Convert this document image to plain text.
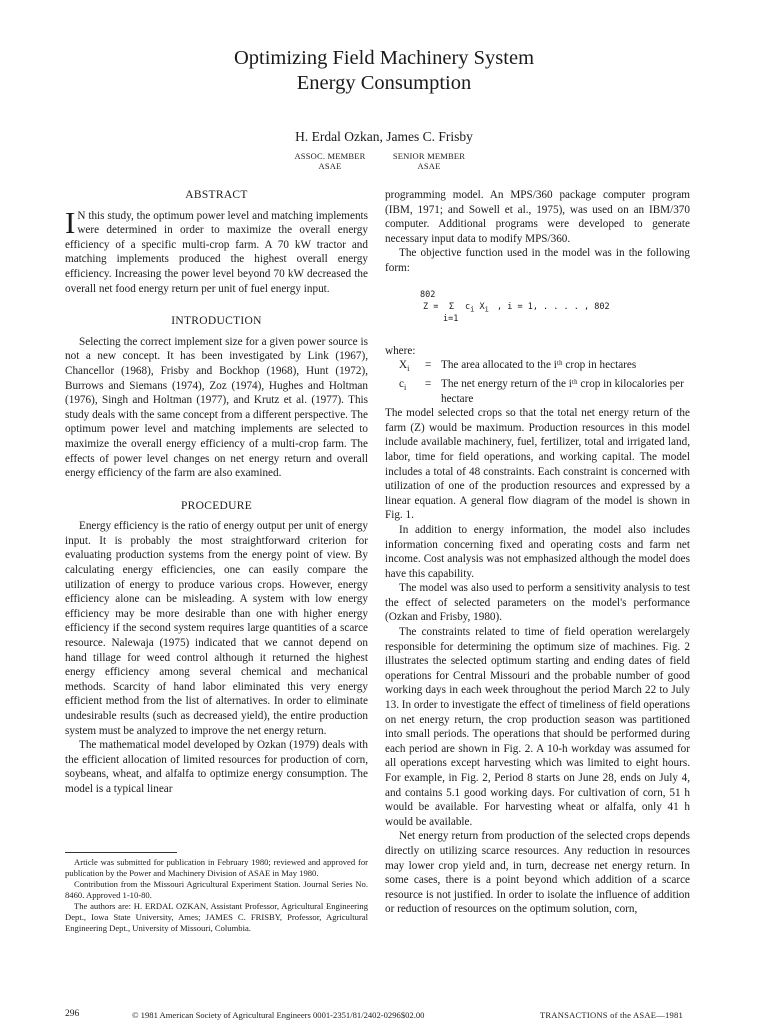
Optimizing Field Machinery System
Energy Consumption
H. Erdal Ozkan, James C. Frisby
ASSOC. MEMBER
ASAE
SENIOR MEMBER
ASAE
ABSTRACT
I N this study, the optimum power level and matching implements were determined in order to maximize the overall energy efficiency of a specific multi-crop farm. A 70 kW tractor and matching implements produced the highest overall energy efficiency. Increasing the power level beyond 70 kW decreased the overall net food energy return per unit of fuel energy input.
INTRODUCTION
Selecting the correct implement size for a given power source is not a new concept. It has been investigated by Link (1967), Chancellor (1968), Frisby and Bockhop (1968), Hunt (1972), Burrows and Siemans (1974), Zoz (1974), Hughes and Holtman (1976), Singh and Holtman (1977), and Krutz et al. (1977). This study deals with the same concept from a different perspective. The optimum power level and matching implements are selected to maximize the overall energy efficiency of a multi-crop farm. The effects of power level changes on net energy return and overall energy efficiency of the farm are also examined.
PROCEDURE
Energy efficiency is the ratio of energy output per unit of energy input. It is probably the most straightforward criterion for evaluating production systems from the energy point of view. By calculating energy efficiencies, one can easily compare the utilization of energy to produce various crops. However, energy efficiency alone can be misleading. A system with low energy efficiency may be more desirable than one with higher energy efficiency if the second system requires large quantities of a scarce resource. Nalewaja (1975) indicated that we cannot depend on hand tillage for weed control although it returned the highest energy efficiency among several chemical and mechanical methods. Scarcity of hand labor eliminated this very energy efficient method from the list of alternatives. In order to eliminate undesirable results (such as decreased yield), the entire production system must be analyzed to improve the net energy return.
The mathematical model developed by Ozkan (1979) deals with the efficient allocation of limited resources for production of corn, soybeans, wheat, and alfalfa to optimize energy consumption. The model is a typical linear
programming model. An MPS/360 package computer program (IBM, 1971; and Sowell et al., 1975), was used on an IBM/370 computer. Additional programs were developed to generate necessary input data to modify MPS/360.
The objective function used in the model was in the following form:
802
Z = Σ $c_i$ $X_i$ , i = 1, . . . . , 802
i=1
where:
$X_i$	= The area allocated to the iᵗʰ crop in hectares
$c_i$	= The net energy return of the iᵗʰ crop in kilocalories per hectare
The model selected crops so that the total net energy return of the farm (Z) would be maximum. Production resources in this model include available machinery, fuel, fertilizer, total and irrigated land, labor, time for field operations, and working capital. The model includes a total of 48 constraints. Each constraint is concerned with utilization of one of the production resources and expressed by a linear equation. A general flow diagram of the model is shown in Fig. 1.
In addition to energy information, the model also includes information concerning fixed and operating costs and farm net income. Cost analysis was not emphasized although the model does have this capability.
The model was also used to perform a sensitivity analysis to test the effect of selected parameters on the model's performance (Ozkan and Frisby, 1980).
The constraints related to time of field operation werelargely responsible for determining the optimum size of machines. Fig. 2 illustrates the selected optimum starting and ending dates of field operations for Central Missouri and the probable number of good working days in each week throughout the period March 22 to July 13. In order to investigate the effect of timeliness of field operations on net energy return, the crop production season was partitioned into small periods. The operations that should be performed during each period are shown in Fig. 2. A 10-h workday was assumed for all operations except harvesting which was limited to eight hours. For example, in Fig. 2, Period 8 starts on June 28, ends on July 4, and contains 5.1 good working days. For cultivation of corn, 51 h would be available. For harvesting wheat or alfalfa, only 41 h would be available.
Net energy return from production of the selected crops depends directly on utilizing scarce resources. Any reduction in resources may lower crop yield and, in turn, decrease net energy return. In some cases, there is a point beyond which addition of a scarce resource is not justified. In order to isolate the influence of addition or reduction of resources on the optimum solution, corn,
Article was submitted for publication in February 1980; reviewed and approved for publication by the Power and Machinery Division of ASAE in May 1980.
Contribution from the Missouri Agricultural Experiment Station. Journal Series No. 8460. Approved 1-10-80.
The authors are: H. ERDAL OZKAN, Assistant Professor, Agricultural Engineering Dept., Iowa State University, Ames; JAMES C. FRISBY, Professor, Agricultural Engineering Dept., University of Missouri, Columbia.
296	© 1981 American Society of Agricultural Engineers 0001-2351/81/2402-0296$02.00	TRANSACTIONS of the ASAE—1981
